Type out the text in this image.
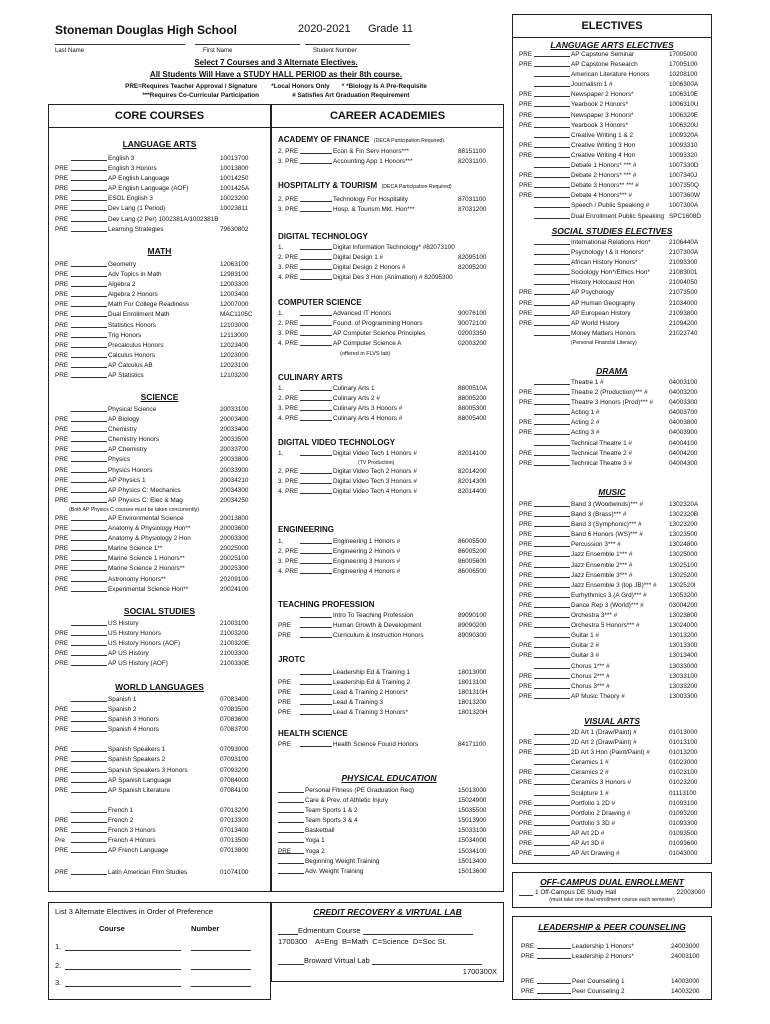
Stoneman Douglas High School	2020-2021 Grade 11
Last Name	First Name	Student Number
Select 7 Courses and 3 Alternate Electives.
All Students Will Have a STUDY HALL PERIOD as their 8th course.
PRE=Requires Teacher Approval / Signature        *Local Honors Only       * *Biology Is A Pre-Requisite
***Requires Co-Curricular Participation                   # Satisfies Art Graduation Requirement
CORE COURSES
LANGUAGE ARTS
English 3	10013700
PRE	English 3 Honors	10013800
PRE	AP English Language	10014250
PRE	AP English Language (AOF)	1001425A
PRE	ESOL English 3	10023200
PRE	Dev Lang (1 Period)	10023811
PRE	Dev Lang (2 Per) 1002381A/1002381B
PRE	Learning Strategies	79630802
MATH
PRE	Geometry	12063100
PRE	Adv Topics in Math	12983100
PRE	Algebra 2	12003300
PRE	Algebra 2 Honors	12003400
PRE	Math For College Readiness	12007000
PRE	Dual Enrollment Math	MAC1105C
PRE	Statistics Honors	12103000
PRE	Trig Honors	12113000
PRE	Precalculus Honors	12023400
PRE	Calculus Honors	12023000
PRE	AP Calculus AB	12023100
PRE	AP Statistics	12103200
SCIENCE
Physical Science	20033100
PRE	AP Biology	20003400
PRE	Chemistry	20033400
PRE	Chemistry Honors	20033500
PRE	AP Chemistry	20033700
PRE	Physics	20033800
PRE	Physics Honors	20033900
PRE	AP Physics 1	20034210
PRE	AP Physics C: Mechanics	20034300
PRE	AP Physics C: Elec & Mag	20034250
(Both AP Physics C courses must be taken concurrently)
PRE	AP Environmental Science	20013800
PRE	Anatomy & Physiology Hon**	20003600
PRE	Anatomy & Physiology 2 Hon	20003300
PRE	Marine Science 1**	20025000
PRE	Marine Science 1 Honors**	20025100
PRE	Marine Science 2 Honors**	20025300
PRE	Astronomy Honors**	20209100
PRE	Experimental Science Hon**	20024100
SOCIAL STUDIES
US History	21003100
PRE	US History Honors	21003200
PRE	US History Honors (AOF)	2100320E
PRE	AP US History	21003300
PRE	AP US History (AOF)	2100330E
WORLD LANGUAGES
Spanish 1	07083400
PRE	Spanish 2	07083500
PRE	Spanish 3 Honors	07083600
PRE	Spanish 4 Honors	07083700
PRE	Spanish Speakers 1	07093000
PRE	Spanish Speakers 2	07093100
PRE	Spanish Speakers 3 Honors	07093200
PRE	AP Spanish Language	07084000
PRE	AP Spanish Literature	07084100
French 1	07013200
PRE	French 2	07013300
PRE	French 3 Honors	07013400
Pre	French 4 Honors	07013500
PRE	AP French Language	07013800
PRE	Latin American Film Studies	01074100
CAREER ACADEMIES
ACADEMY OF FINANCE (DECA Participation Required)
2. PRE	Econ & Fin Serv Honors***	88151100
3. PRE	Accounting App 1 Honors***	82031100
HOSPITALITY & TOURISM (DECA Participation Required)
2. PRE	Technology For Hospitality	87031100
3. PRE	Hosp. & Tourism Mkt. Hon***	87031200
DIGITAL TECHNOLOGY
1.	Digital Information Technology* #82073100
2. PRE	Digital Design 1 #	82095100
3. PRE	Digital Design 2 Honors #	82095200
4. PRE	Digital Des 3 Hon (Animation) # 82095300
COMPUTER SCIENCE
1.	Advanced IT Honors	90076100
2. PRE	Found. of Programming Honors	90072100
3. PRE	AP Computer Science Principles	02003350
4. PRE	AP Computer Science A	02003200
(offered in FLVS lab)
CULINARY ARTS
1.	Culinary Arts 1	8800510A
2. PRE	Culinary Arts 2 #	88005200
3. PRE	Culinary Arts 3 Honors #	88005300
4. PRE	Culinary Arts 4 Honors #	88005400
DIGITAL VIDEO TECHNOLOGY
1.	Digital Video Tech 1 Honors #	82014100
(TV Production)
2. PRE	Digital Video Tech 2 Honors #	82014200
3. PRE	Digital Video Tech 3 Honors #	82014300
4. PRE	Digital Video Tech 4 Honors #	82014400
ENGINEERING
1.	Engineering 1 Honors #	86005500
2. PRE	Engineering 2 Honors #	86005200
3. PRE	Engineering 3 Honors #	86005600
4. PRE	Engineering 4 Honors #	86006500
TEACHING PROFESSION
Intro To Teaching Profession	89090100
PRE	Human Growth & Development	89090200
PRE	Curriculum & Instruction Honors	89090300
JROTC
Leadership Ed & Training 1	18013000
PRE	Leadership Ed & Training 2	18013100
PRE	Lead & Training 2 Honors*	1801310H
PRE	Lead & Training 3	18013200
PRE	Lead & Training 3 Honors*	1801320H
HEALTH SCIENCE
PRE	Health Science Found Honors	84171100
PHYSICAL EDUCATION
Personal Fitness (PE Graduation Req)	15013000
Care & Prev. of Athletic Injury	15024900
Team Sports 1 & 2	15035500
Team Sports 3 & 4	15013900
Basketball	15033100
Yoga 1	15034000
PRE Yoga 2	15034100
Beginning Weight Training	15013400
Adv. Weight Training	15013600
ELECTIVES
LANGUAGE ARTS ELECTIVES
PRE	AP Capstone Seminar	17005000
PRE	AP Capstone Research	17005100
American Literature Honors	10208100
Journalism 1 #	1006300A
PRE	Newspaper 2 Honors*	1006310E
PRE	Yearbook 2 Honors*	1006310U
PRE	Newspaper 3 Honors*	1006320E
PRE	Yearbook 3 Honors*	1006320U
Creative Writing 1 & 2	1009320A
PRE	Creative Writing 3 Hon	10093310
PRE	Creative Writing 4 Hon	10093320
Debate 1 Honors* *** #	1007330D
PRE	Debate 2 Honors* *** #	1007340J
PRE	Debate 3 Honors** *** #	1007350Q
PRE	Debate 4 Honors*** #	1007360W
Speech / Public Speaking #	1007300A
Dual Enrollment Public Speaking SPC1608D
SOCIAL STUDIES ELECTIVES
International Relations Hon*	2106440A
Psychology I & II Honors*	2107300A
African History Honors*	21093300
Sociology Hon*/Ethics Hon*	21083001
History Holocaust Hon	21004050
PRE	AP Psychology	21073500
PRE	AP Human Geography	21034000
PRE	AP European History	21093800
PRE	AP World History	21094200
Money Matters Honors	21023740
(Personal Financial Literacy)
DRAMA
Theatre 1 #	04003100
PRE	Theatre 2 (Production)*** #	04003200
PRE	Theatre 3 Honors (Prod)*** #	04003300
Acting 1 #	04003700
PRE	Acting 2 #	04003800
PRE	Acting 3 #	04003900
Technical Theatre 1 #	04004100
PRE	Technical Theatre 2 #	04004200
PRE	Technical Theatre 3 #	04004300
MUSIC
PRE	Band 3 (Woodwinds)*** #	1302320A
PRE	Band 3 (Brass)*** #	1302320B
PRE	Band 3 (Symphonic)*** #	13023200
PRE	Band 6 Honors (WS)*** #	13023500
PRE	Percussion 3*** #	13024800
PRE	Jazz Ensemble 1*** #	13025000
PRE	Jazz Ensemble 2*** #	13025100
PRE	Jazz Ensemble 3*** #	13025200
PRE	Jazz Ensemble 3 (top JB)*** #	1302520I
PRE	Eurhythmics 3 (A Grd)*** #	13053200
PRE	Dance Rep 3 (World)*** #	03004200
PRE	Orchestra 3*** #	13023800
PRE	Orchestra 5 Honors*** #	13024000
Guitar 1 #	13013200
PRE	Guitar 2 #	13013300
PRE	Guitar 3 #	13013400
Chorus 1*** #	13033000
PRE	Chorus 2*** #	13033100
PRE	Chorus 3*** #	13033200
PRE	AP Music Theory #	13003300
VISUAL ARTS
2D Art 1 (Draw/Paint) #	01013000
PRE	2D Art 2 (Draw/Paint) #	01013100
PRE	2D Art 3 Hon (Paint/Paint) #	01013200
Ceramics 1 #	01023000
PRE	Ceramics 2 #	01023100
PRE	Ceramics 3 Honors #	01023200
Sculpture 1 #	01113100
PRE	Portfolio 1 2D #	01093100
PRE	Portfolio 2 Drawing #	01093200
PRE	Portfolio 3 3D #	01093300
PRE	AP Art 2D #	01093500
PRE	AP Art 3D #	01093600
PRE	AP Art Drawing #	01043000
OFF-CAMPUS DUAL ENROLLMENT
1 Off-Campus DE Study Hall	22003000
(must take one dual enrollment course each semester)
LEADERSHIP & PEER COUNSELING
PRE	Leadership 1 Honors*	24003000
PRE	Leadership 2 Honors*	24003100
PRE	Peer Counseling 1	14003000
PRE	Peer Counseling 2	14003200
List 3 Alternate Electives in Order of Preference
Course	Number
1.
2.
3.
CREDIT RECOVERY & VIRTUAL LAB
Edmentum Course
1700300    A=Eng  B=Math  C=Science  D=Soc St.
Broward Virtual Lab
1700300X
